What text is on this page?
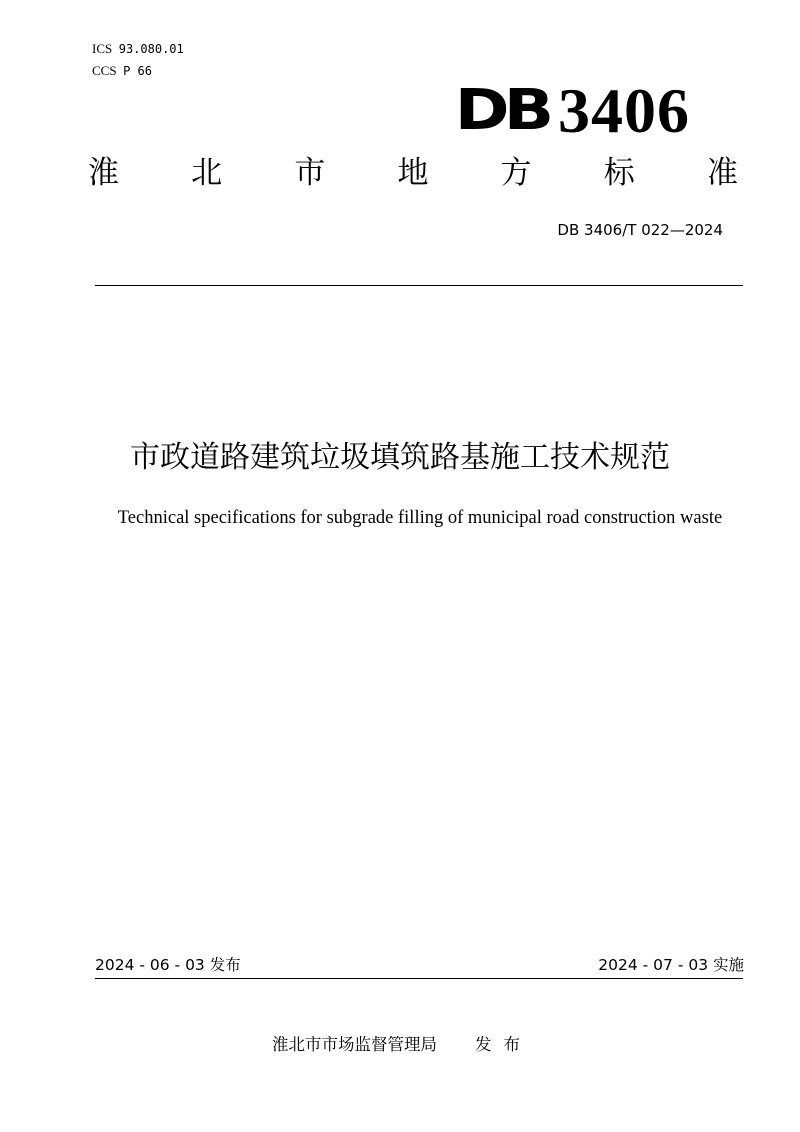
ICS 93.080.01
CCS P 66
DB 3406
淮 北 市 地 方 标 准
DB 3406/T 022—2024
市政道路建筑垃圾填筑路基施工技术规范
Technical specifications for subgrade filling of municipal road construction waste
2024 - 06 - 03 发布	2024 - 07 - 03 实施
淮北市市场监督管理局 发布
